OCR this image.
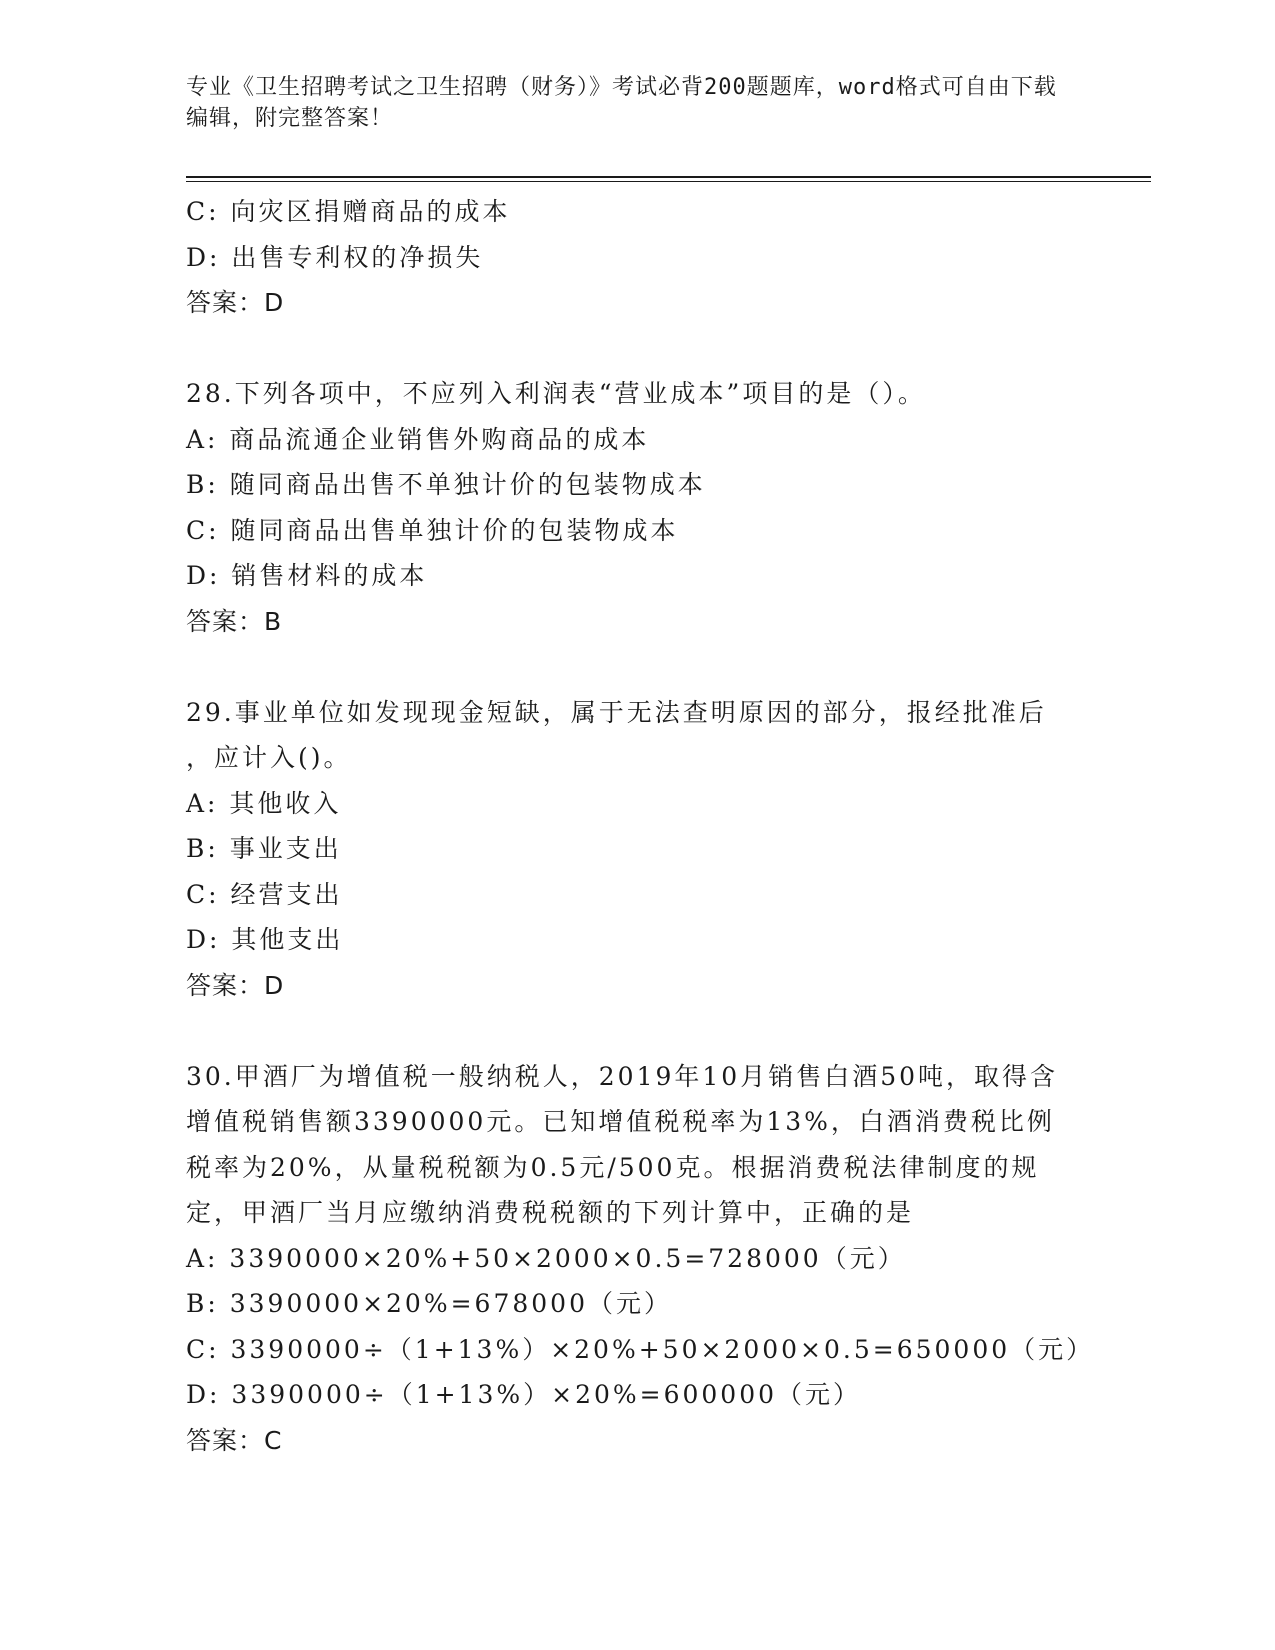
专业《卫生招聘考试之卫生招聘（财务）》考试必背200题题库，word格式可自由下载编辑，附完整答案！
C: 向灾区捐赠商品的成本
D: 出售专利权的净损失
答案：D
28.下列各项中，不应列入利润表“营业成本”项目的是（）。
A: 商品流通企业销售外购商品的成本
B: 随同商品出售不单独计价的包装物成本
C: 随同商品出售单独计价的包装物成本
D: 销售材料的成本
答案：B
29.事业单位如发现现金短缺，属于无法查明原因的部分，报经批准后
，应计入()。
A: 其他收入
B: 事业支出
C: 经营支出
D: 其他支出
答案：D
30.甲酒厂为增值税一般纳税人，2019年10月销售白酒50吨，取得含
增值税销售额3390000元。已知增值税税率为13%，白酒消费税比例
税率为20%，从量税税额为0.5元/500克。根据消费税法律制度的规
定，甲酒厂当月应缴纳消费税税额的下列计算中，正确的是
A: 3390000×20%+50×2000×0.5=728000（元）
B: 3390000×20%=678000（元）
C: 3390000÷（1+13%）×20%+50×2000×0.5=650000（元）
D: 3390000÷（1+13%）×20%=600000（元）
答案：C
